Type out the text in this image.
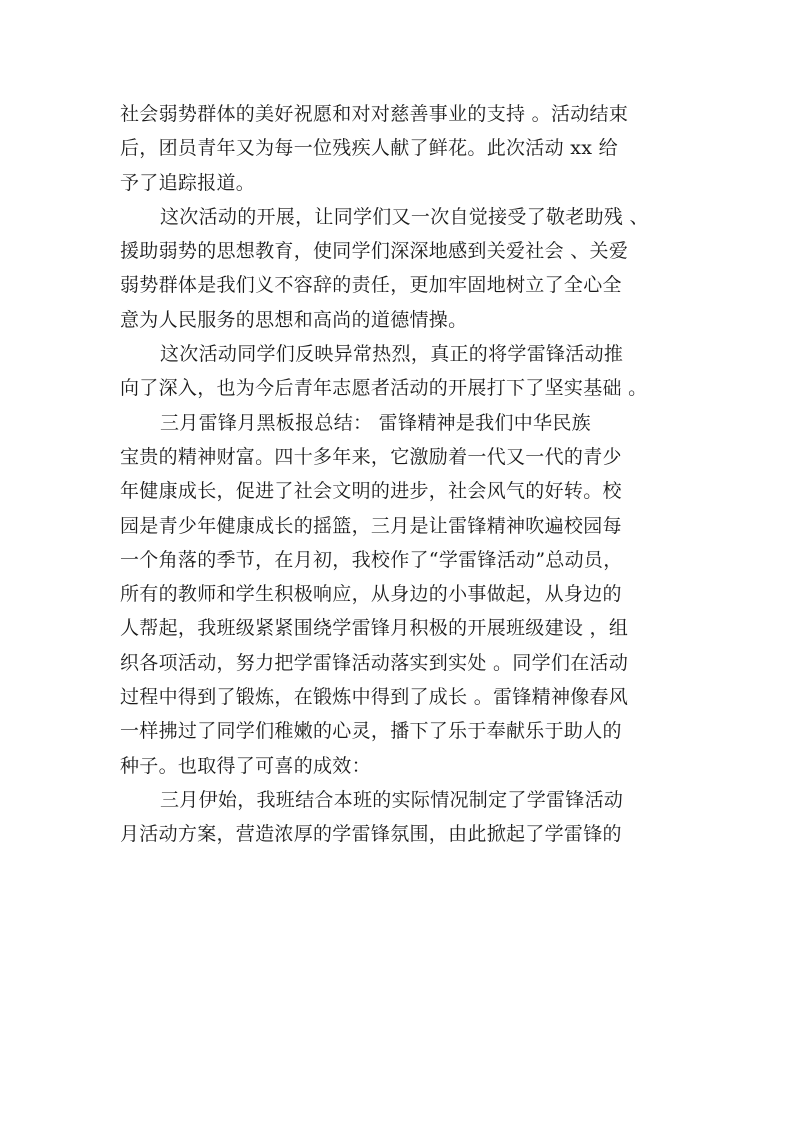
社会弱势群体的美好祝愿和对对慈善事业的支持 。活动结束
后，团员青年又为每一位残疾人献了鲜花。此次活动 xx 给
予了追踪报道。

这次活动的开展，让同学们又一次自觉接受了敬老助残 、
援助弱势的思想教育，使同学们深深地感到关爱社会 、关爱
弱势群体是我们义不容辞的责任，更加牢固地树立了全心全
意为人民服务的思想和高尚的道德情操。

这次活动同学们反映异常热烈，真正的将学雷锋活动推
向了深入，也为今后青年志愿者活动的开展打下了坚实基础 。

三月雷锋月黑板报总结： 雷锋精神是我们中华民族
宝贵的精神财富。四十多年来，它激励着一代又一代的青少
年健康成长，促进了社会文明的进步，社会风气的好转。校
园是青少年健康成长的摇篮，三月是让雷锋精神吹遍校园每
一个角落的季节，在月初，我校作了“学雷锋活动”总动员，
所有的教师和学生积极响应，从身边的小事做起，从身边的
人帮起，我班级紧紧围绕学雷锋月积极的开展班级建设 ，组
织各项活动，努力把学雷锋活动落实到实处 。同学们在活动
过程中得到了锻炼，在锻炼中得到了成长 。雷锋精神像春风
一样拂过了同学们稚嫩的心灵，播下了乐于奉献乐于助人的
种子。也取得了可喜的成效：

三月伊始，我班结合本班的实际情况制定了学雷锋活动
月活动方案，营造浓厚的学雷锋氛围，由此掀起了学雷锋的
